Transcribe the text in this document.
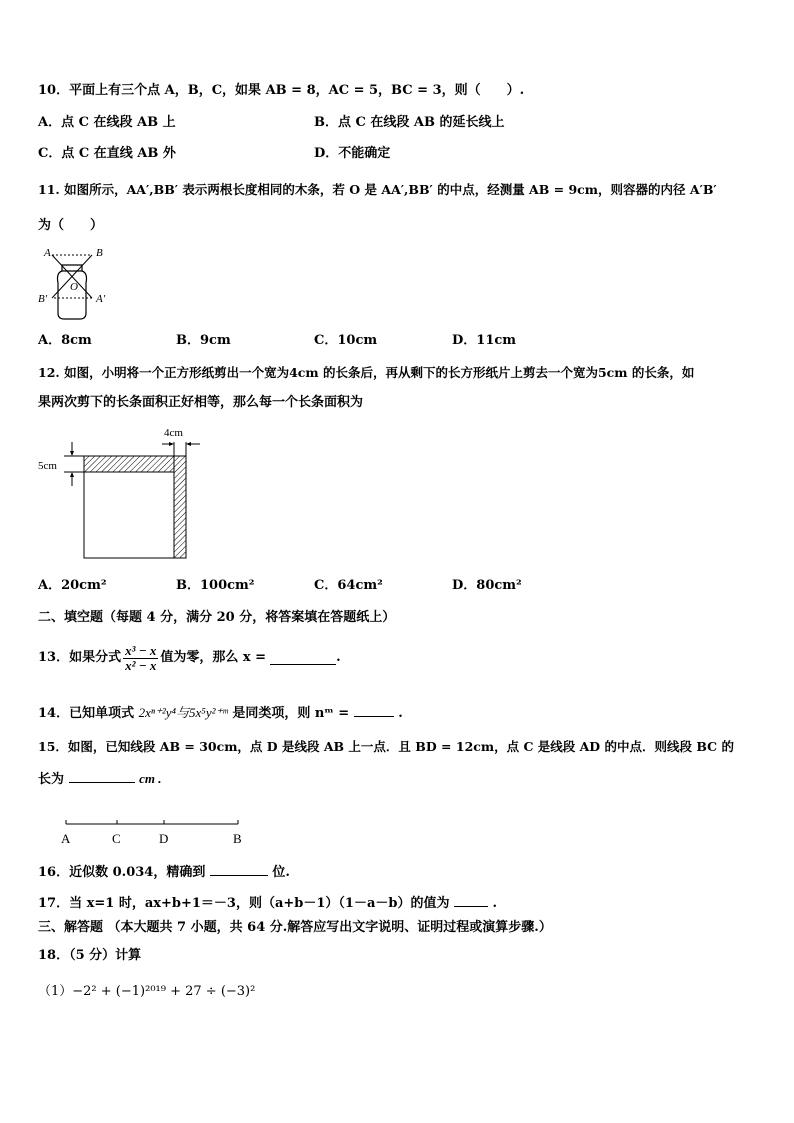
10．平面上有三个点 A，B，C，如果 AB = 8，AC = 5，BC = 3，则（　　）.
A．点 C 在线段 AB 上	B．点 C 在线段 AB 的延长线上
C．点 C 在直线 AB 外	D．不能确定
11. 如图所示，AA′,BB′ 表示两根长度相同的木条，若 O 是 AA′,BB′ 的中点，经测量 AB = 9cm，则容器的内径 A′B′
为（　　）
A	B
O
B′	A′
A．8cm	B．9cm	C．10cm	D．11cm
12. 如图，小明将一个正方形纸剪出一个宽为4cm 的长条后，再从剩下的长方形纸片上剪去一个宽为5cm 的长条，如
果两次剪下的长条面积正好相等，那么每一个长条面积为
4cm
5cm
A．20cm²	B．100cm²	C．64cm²	D．80cm²
二、填空题（每题 4 分，满分 20 分，将答案填在答题纸上）
13．如果分式 $\frac{\text{x³ − x}}{\text{x² − x}}$ 值为零，那么 x =	.
14．已知单项式 2xⁿ⁺²y⁴与5x⁵y²⁺ᵐ 是同类项，则 nᵐ =	.
15．如图，已知线段 AB = 30cm，点 D 是线段 AB 上一点．且 BD = 12cm，点 C 是线段 AD 的中点．则线段 BC 的
长为	cm .
A	C	D	B
16．近似数 0.034，精确到	位.
17．当 x=1 时，ax+b+1＝－3，则（a+b－1）（1－a－b）的值为	.
三、解答题 （本大题共 7 小题，共 64 分.解答应写出文字说明、证明过程或演算步骤.）
18．（5 分）计算
（1）−2² + (−1)²⁰¹⁹ + 27 ÷ (−3)²
